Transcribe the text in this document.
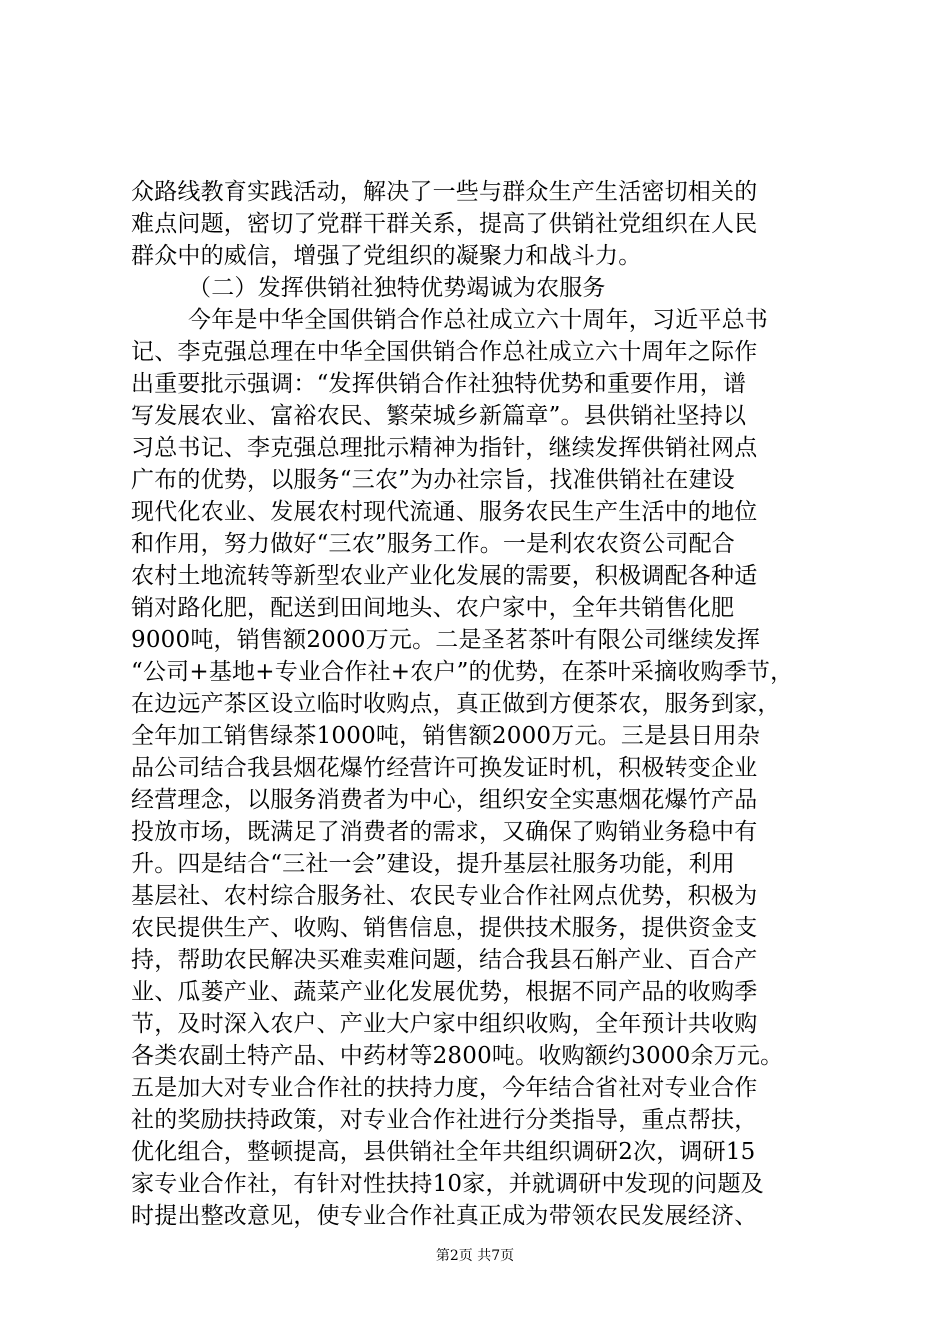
众路线教育实践活动，解决了一些与群众生产生活密切相关的
难点问题，密切了党群干群关系，提高了供销社党组织在人民
群众中的威信，增强了党组织的凝聚力和战斗力。
（二）发挥供销社独特优势竭诚为农服务
今年是中华全国供销合作总社成立六十周年，习近平总书
记、李克强总理在中华全国供销合作总社成立六十周年之际作
出重要批示强调：“发挥供销合作社独特优势和重要作用，谱
写发展农业、富裕农民、繁荣城乡新篇章”。县供销社坚持以
习总书记、李克强总理批示精神为指针，继续发挥供销社网点
广布的优势，以服务“三农”为办社宗旨，找准供销社在建设
现代化农业、发展农村现代流通、服务农民生产生活中的地位
和作用，努力做好“三农”服务工作。一是利农农资公司配合
农村土地流转等新型农业产业化发展的需要，积极调配各种适
销对路化肥，配送到田间地头、农户家中，全年共销售化肥
9000吨，销售额2000万元。二是圣茗茶叶有限公司继续发挥
“公司+基地+专业合作社+农户”的优势，在茶叶采摘收购季节，
在边远产茶区设立临时收购点，真正做到方便茶农，服务到家，
全年加工销售绿茶1000吨，销售额2000万元。三是县日用杂
品公司结合我县烟花爆竹经营许可换发证时机，积极转变企业
经营理念，以服务消费者为中心，组织安全实惠烟花爆竹产品
投放市场，既满足了消费者的需求，又确保了购销业务稳中有
升。四是结合“三社一会”建设，提升基层社服务功能，利用
基层社、农村综合服务社、农民专业合作社网点优势，积极为
农民提供生产、收购、销售信息，提供技术服务，提供资金支
持，帮助农民解决买难卖难问题，结合我县石斛产业、百合产
业、瓜蒌产业、蔬菜产业化发展优势，根据不同产品的收购季
节，及时深入农户、产业大户家中组织收购，全年预计共收购
各类农副土特产品、中药材等2800吨。收购额约3000余万元。
五是加大对专业合作社的扶持力度，今年结合省社对专业合作
社的奖励扶持政策，对专业合作社进行分类指导，重点帮扶，
优化组合，整顿提高，县供销社全年共组织调研2次，调研15
家专业合作社，有针对性扶持10家，并就调研中发现的问题及
时提出整改意见，使专业合作社真正成为带领农民发展经济、
第2页 共7页
